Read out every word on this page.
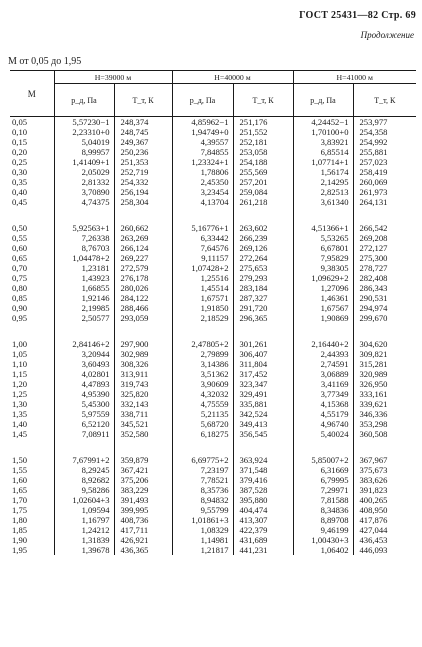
ГОСТ 25431—82 Стр. 69
Продолжение
M от 0,05 до 1,95
M	H=39000 м		H=40000 м		H=41000 м	
	p_д, Па	T_т, К	p_д, Па	T_т, К	p_д, Па	T_т, К
0,05	5,57230−1	248,374	4,85962−1	251,176	4,24452−1	253,977
0,10	2,23310+0	248,745	1,94749+0	251,552	1,70100+0	254,358
0,15	5,04019	249,367	4,39557	252,181	3,83921	254,992
0,20	8,99957	250,236	7,84855	253,058	6,85514	255,881
0,25	1,41409+1	251,353	1,23324+1	254,188	1,07714+1	257,023
0,30	2,05029	252,719	1,78806	255,569	1,56174	258,419
0,35	2,81332	254,332	2,45350	257,201	2,14295	260,069
0,40	3,70890	256,194	3,23454	259,084	2,82513	261,973
0,45	4,74375	258,304	4,13704	261,218	3,61340	264,131
0,50	5,92563+1	260,662	5,16776+1	263,602	4,51366+1	266,542
0,55	7,26338	263,269	6,33442	266,239	5,53265	269,208
0,60	8,76703	266,124	7,64576	269,126	6,67801	272,127
0,65	1,04478+2	269,227	9,11157	272,264	7,95829	275,300
0,70	1,23181	272,579	1,07428+2	275,653	9,38305	278,727
0,75	1,43923	276,178	1,25516	279,293	1,09629+2	282,408
0,80	1,66855	280,026	1,45514	283,184	1,27096	286,343
0,85	1,92146	284,122	1,67571	287,327	1,46361	290,531
0,90	2,19985	288,466	1,91850	291,720	1,67567	294,974
0,95	2,50577	293,059	2,18529	296,365	1,90869	299,670
1,00	2,84146+2	297,900	2,47805+2	301,261	2,16440+2	304,620
1,05	3,20944	302,989	2,79899	306,407	2,44393	309,821
1,10	3,60493	308,326	3,14386	311,804	2,74591	315,281
1,15	4,02801	313,911	3,51362	317,452	3,06889	320,989
1,20	4,47893	319,743	3,90609	323,347	3,41169	326,950
1,25	4,95390	325,820	4,32032	329,491	3,77349	333,161
1,30	5,45300	332,143	4,75559	335,881	4,15368	339,621
1,35	5,97559	338,711	5,21135	342,524	4,55179	346,336
1,40	6,52120	345,521	5,68720	349,413	4,96740	353,298
1,45	7,08911	352,580	6,18275	356,545	5,40024	360,508
1,50	7,67991+2	359,879	6,69775+2	363,924	5,85007+2	367,967
1,55	8,29245	367,421	7,23197	371,548	6,31669	375,673
1,60	8,92682	375,206	7,78521	379,416	6,79995	383,626
1,65	9,58286	383,229	8,35736	387,528	7,29971	391,823
1,70	1,02604+3	391,493	8,94832	395,880	7,81588	400,265
1,75	1,09594	399,995	9,55799	404,474	8,34836	408,950
1,80	1,16797	408,736	1,01861+3	413,307	8,89708	417,876
1,85	1,24212	417,711	1,08329	422,379	9,46199	427,044
1,90	1,31839	426,921	1,14981	431,689	1,00430+3	436,453
1,95	1,39678	436,365	1,21817	441,231	1,06402	446,093
